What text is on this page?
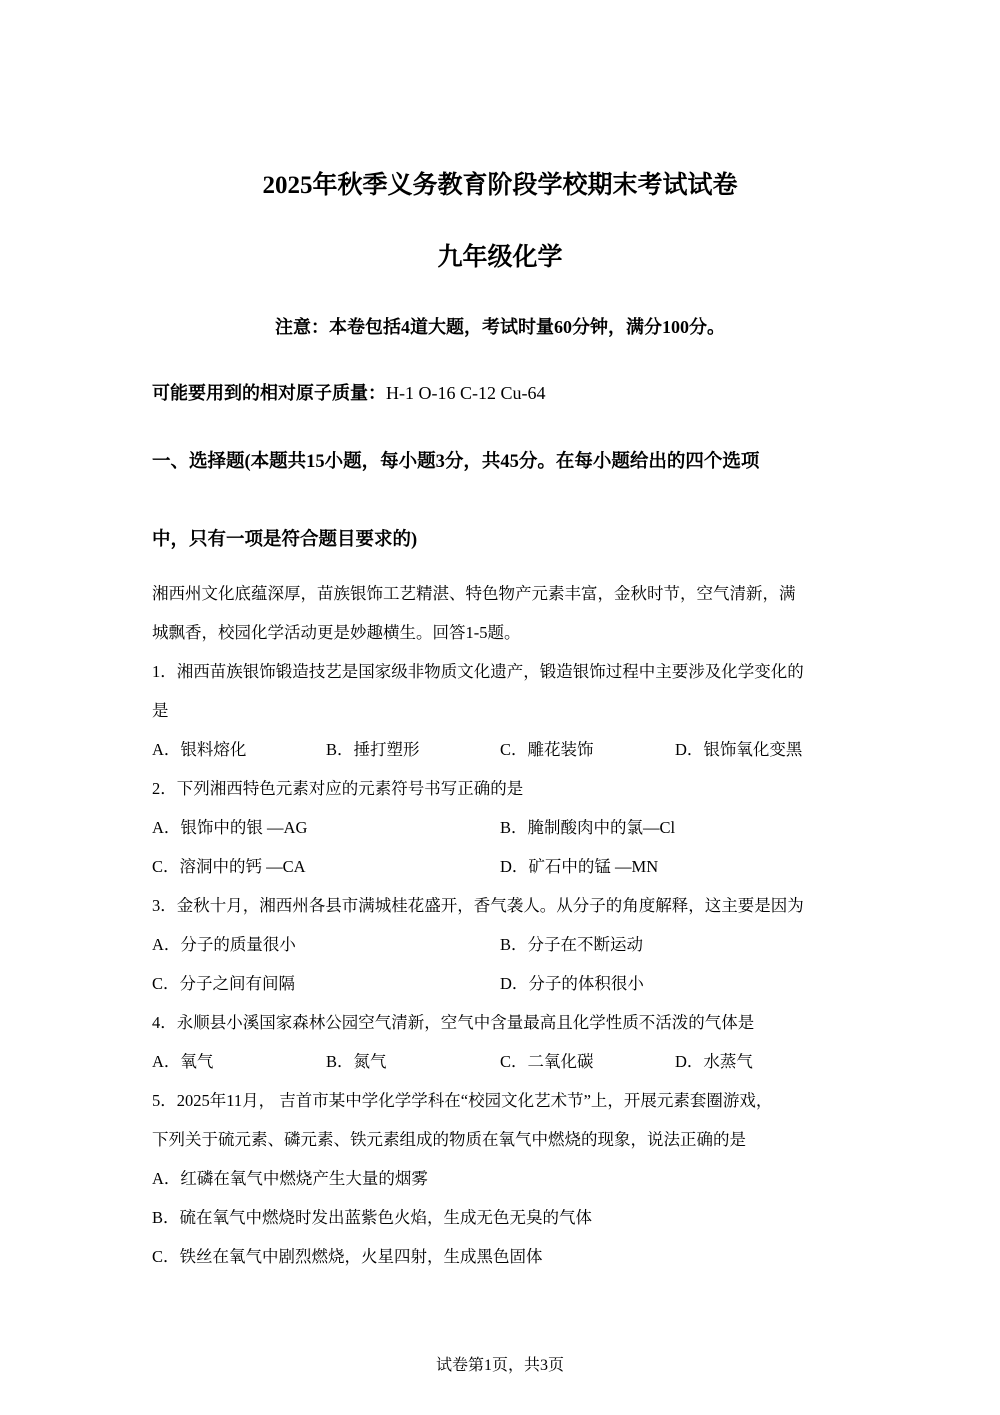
2025年秋季义务教育阶段学校期末考试试卷
九年级化学
注意：本卷包括4道大题，考试时量60分钟，满分100分。
可能要用到的相对原子质量：H-1 O-16 C-12 Cu-64
一、选择题(本题共15小题，每小题3分，共45分。在每小题给出的四个选项
中，只有一项是符合题目要求的)
湘西州文化底蕴深厚，苗族银饰工艺精湛、特色物产元素丰富，金秋时节，空气清新，满
城飘香，校园化学活动更是妙趣横生。回答1-5题。
1．湘西苗族银饰锻造技艺是国家级非物质文化遗产，锻造银饰过程中主要涉及化学变化的
是
A．银料熔化	B．捶打塑形	C．雕花装饰	D．银饰氧化变黑
2．下列湘西特色元素对应的元素符号书写正确的是
A．银饰中的银 —AG	B．腌制酸肉中的氯—Cl
C．溶洞中的钙 —CA	D．矿石中的锰 —MN
3．金秋十月，湘西州各县市满城桂花盛开，香气袭人。从分子的角度解释，这主要是因为
A．分子的质量很小	B．分子在不断运动
C．分子之间有间隔	D．分子的体积很小
4．永顺县小溪国家森林公园空气清新，空气中含量最高且化学性质不活泼的气体是
A．氧气	B．氮气	C．二氧化碳	D．水蒸气
5．2025年11月， 吉首市某中学化学学科在“校园文化艺术节”上，开展元素套圈游戏，
下列关于硫元素、磷元素、铁元素组成的物质在氧气中燃烧的现象，说法正确的是
A．红磷在氧气中燃烧产生大量的烟雾
B．硫在氧气中燃烧时发出蓝紫色火焰，生成无色无臭的气体
C．铁丝在氧气中剧烈燃烧，火星四射，生成黑色固体
试卷第1页，共3页
